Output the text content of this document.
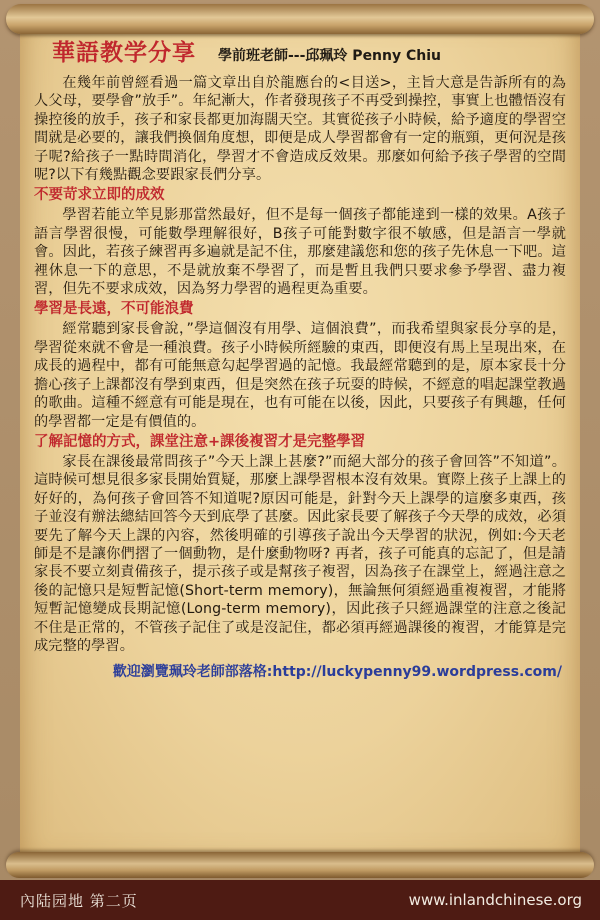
華語教学分享 學前班老師---邱珮玲 Penny Chiu

在幾年前曾經看過一篇文章出自於龍應台的<目送>，主旨大意是告訴所有的為人父母，要學會”放手”。年紀漸大，作者發現孩子不再受到操控，事實上也體悟沒有操控後的放手，孩子和家長都更加海闊天空。其實從孩子小時候，給予適度的學習空間就是必要的，讓我們換個角度想，即便是成人學習都會有一定的瓶頸，更何況是孩子呢?給孩子一點時間消化，學習才不會造成反效果。那麼如何給予孩子學習的空間呢?以下有幾點觀念要跟家長們分享。

不要苛求立即的成效

學習若能立竿見影那當然最好，但不是每一個孩子都能達到一樣的效果。A孩子語言學習很慢，可能數學理解很好，B孩子可能對數字很不敏感，但是語言一學就會。因此，若孩子練習再多遍就是記不住，那麼建議您和您的孩子先休息一下吧。這裡休息一下的意思，不是就放棄不學習了，而是暫且我們只要求參予學習、盡力複習，但先不要求成效，因為努力學習的過程更為重要。

學習是長遠，不可能浪費

經常聽到家長會說，”學這個沒有用學、這個浪費”，而我希望與家長分享的是，學習從來就不會是一種浪費。孩子小時候所經驗的東西，即便沒有馬上呈現出來，在成長的過程中，都有可能無意勾起學習過的記憶。我最經常聽到的是，原本家長十分擔心孩子上課都沒有學到東西，但是突然在孩子玩耍的時候，不經意的唱起課堂教過的歌曲。這種不經意有可能是現在，也有可能在以後，因此，只要孩子有興趣，任何的學習都一定是有價值的。

了解記憶的方式，課堂注意+課後複習才是完整學習

家長在課後最常問孩子”今天上課上甚麼?”而絕大部分的孩子會回答”不知道”。這時候可想見很多家長開始質疑，那麼上課學習根本沒有效果。實際上孩子上課上的好好的，為何孩子會回答不知道呢?原因可能是，針對今天上課學的這麼多東西，孩子並沒有辦法總結回答今天到底學了甚麼。因此家長要了解孩子今天學的成效，必須要先了解今天上課的內容，然後明確的引導孩子說出今天學習的狀況，例如:今天老師是不是讓你們摺了一個動物，是什麼動物呀? 再者，孩子可能真的忘記了，但是請家長不要立刻責備孩子，提示孩子或是幫孩子複習，因為孩子在課堂上，經過注意之後的記憶只是短暫記憶(Short-term memory)，無論無何須經過重複複習，才能將短暫記憶變成長期記憶(Long-term memory)，因此孩子只經過課堂的注意之後記不住是正常的，不管孩子記住了或是沒記住，都必須再經過課後的複習，才能算是完成完整的學習。

歡迎瀏覽珮玲老師部落格:http://luckypenny99.wordpress.com/
內陆园地 第二页	www.inlandchinese.org
